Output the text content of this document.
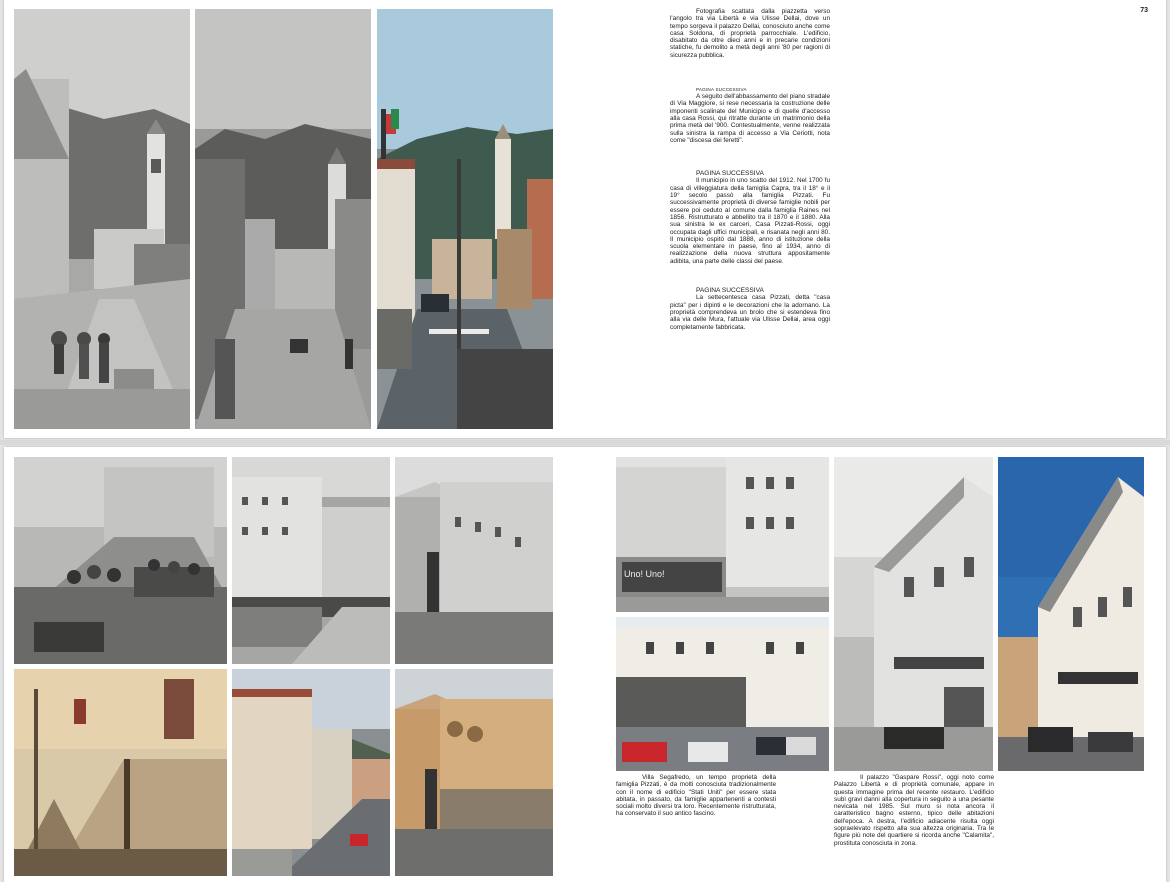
Fotografia scattata dalla piazzetta verso l'angolo tra via Libertà e via Ulisse Dellai, dove un tempo sorgeva il palazzo Dellai, conosciuto anche come casa Soldona, di proprietà parrocchiale. L'edificio, disabitato da oltre dieci anni e in precarie condizioni statiche, fu demolito a metà degli anni '80 per ragioni di sicurezza pubblica.

PAGINA SUCCESSIVA

A seguito dell'abbassamento del piano stradale di Via Maggiore, si rese necessaria la costruzione delle imponenti scalinate del Municipio e di quelle d'accesso alla casa Rossi, qui ritratte durante un matrimonio della prima metà del '900. Contestualmente, venne realizzata sulla sinistra la rampa di accesso a Via Ceriotti, nota come "discesa dei feretti".

PAGINA SUCCESSIVA

Il municipio in uno scatto del 1912. Nel 1700 fu casa di villeggiatura della famiglia Capra, tra il 18° e il 19° secolo passò alla famiglia Pizzati. Fu successivamente proprietà di diverse famiglie nobili per essere poi ceduto al comune dalla famiglia Raines nel 1856. Ristrutturato e abbellito tra il 1870 e il 1880. Alla sua sinistra le ex carceri, Casa Pizzati-Rossi, oggi occupata dagli uffici municipali, e risanata negli anni 80. Il municipio ospitò dal 1888, anno di istituzione della scuola elementare in paese, fino al 1934, anno di realizzazione della nuova struttura appositamente adibita, una parte delle classi del paese.

PAGINA SUCCESSIVA

La settecentesca casa Pizzati, detta "casa picta" per i dipinti e le decorazioni che la adornano. La proprietà comprendeva un brolo che si estendeva fino alla via delle Mura, l'attuale via Ulisse Dellai, area oggi completamente fabbricata.

73
Uno! Uno!
Villa Segafredo, un tempo proprietà della famiglia Pizzati, è da molti conosciuta tradizionalmente con il nome di edificio "Stati Uniti" per essere stata abitata, in passato, da famiglie appartenenti a contesti sociali molto diversi tra loro. Recentemente ristrutturata, ha conservato il suo antico fascino.
Il palazzo "Gaspare Rossi", oggi noto come Palazzo Libertà e di proprietà comunale, appare in questa immagine prima del recente restauro. L'edificio subì gravi danni alla copertura in seguito a una pesante nevicata nel 1985. Sul muro si nota ancora il caratteristico bagno esterno, tipico delle abitazioni dell'epoca. A destra, l'edificio adiacente risulta oggi sopraelevato rispetto alla sua altezza originaria. Tra le figure più note del quartiere si ricorda anche "Calamita", prostituta conosciuta in zona.
